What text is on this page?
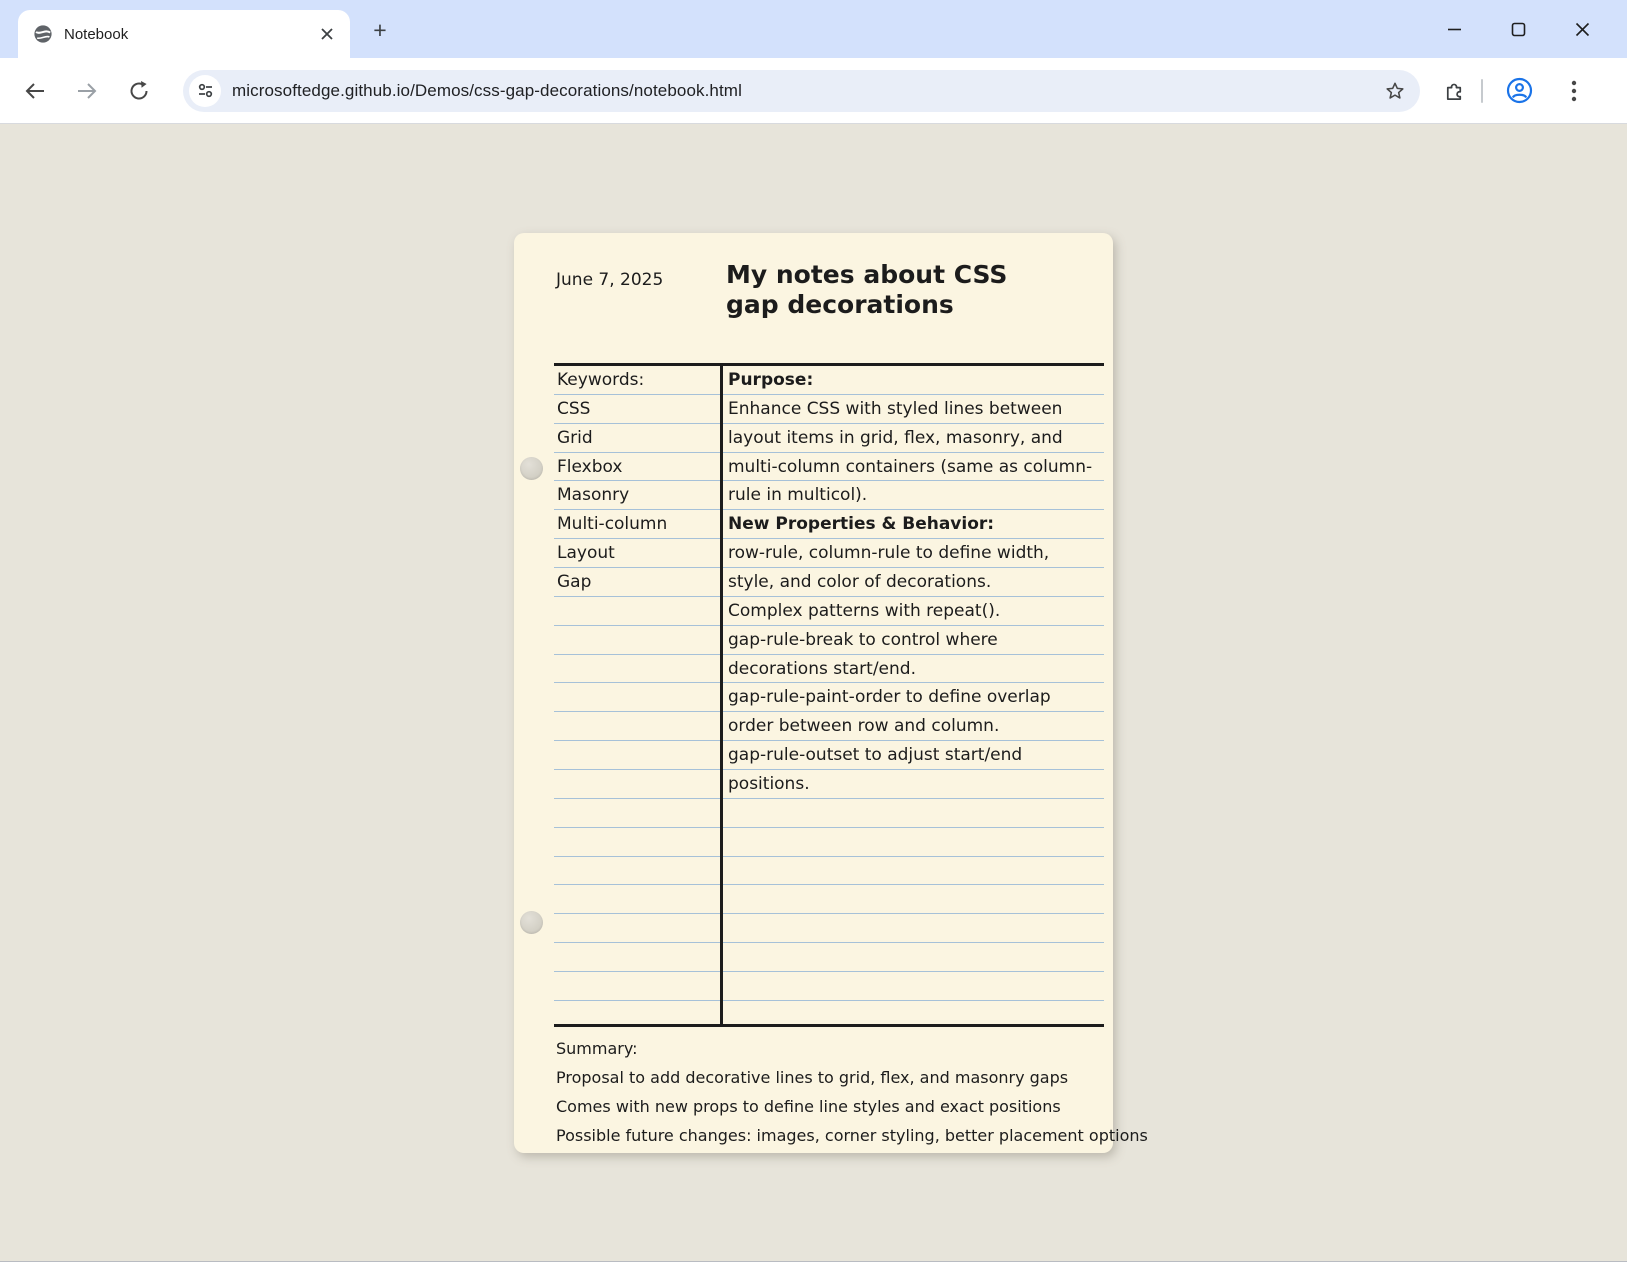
Notebook	+
microsoftedge.github.io/Demos/css-gap-decorations/notebook.html
June 7, 2025	My notes about CSS gap decorations
Keywords:
CSS
Grid
Flexbox
Masonry
Multi-column
Layout
Gap
Purpose:
Enhance CSS with styled lines between
layout items in grid, flex, masonry, and
multi-column containers (same as column-
rule in multicol).
New Properties & Behavior:
row-rule, column-rule to define width,
style, and color of decorations.
Complex patterns with repeat().
gap-rule-break to control where
decorations start/end.
gap-rule-paint-order to define overlap
order between row and column.
gap-rule-outset to adjust start/end
positions.
Summary:
Proposal to add decorative lines to grid, flex, and masonry gaps
Comes with new props to define line styles and exact positions
Possible future changes: images, corner styling, better placement options
